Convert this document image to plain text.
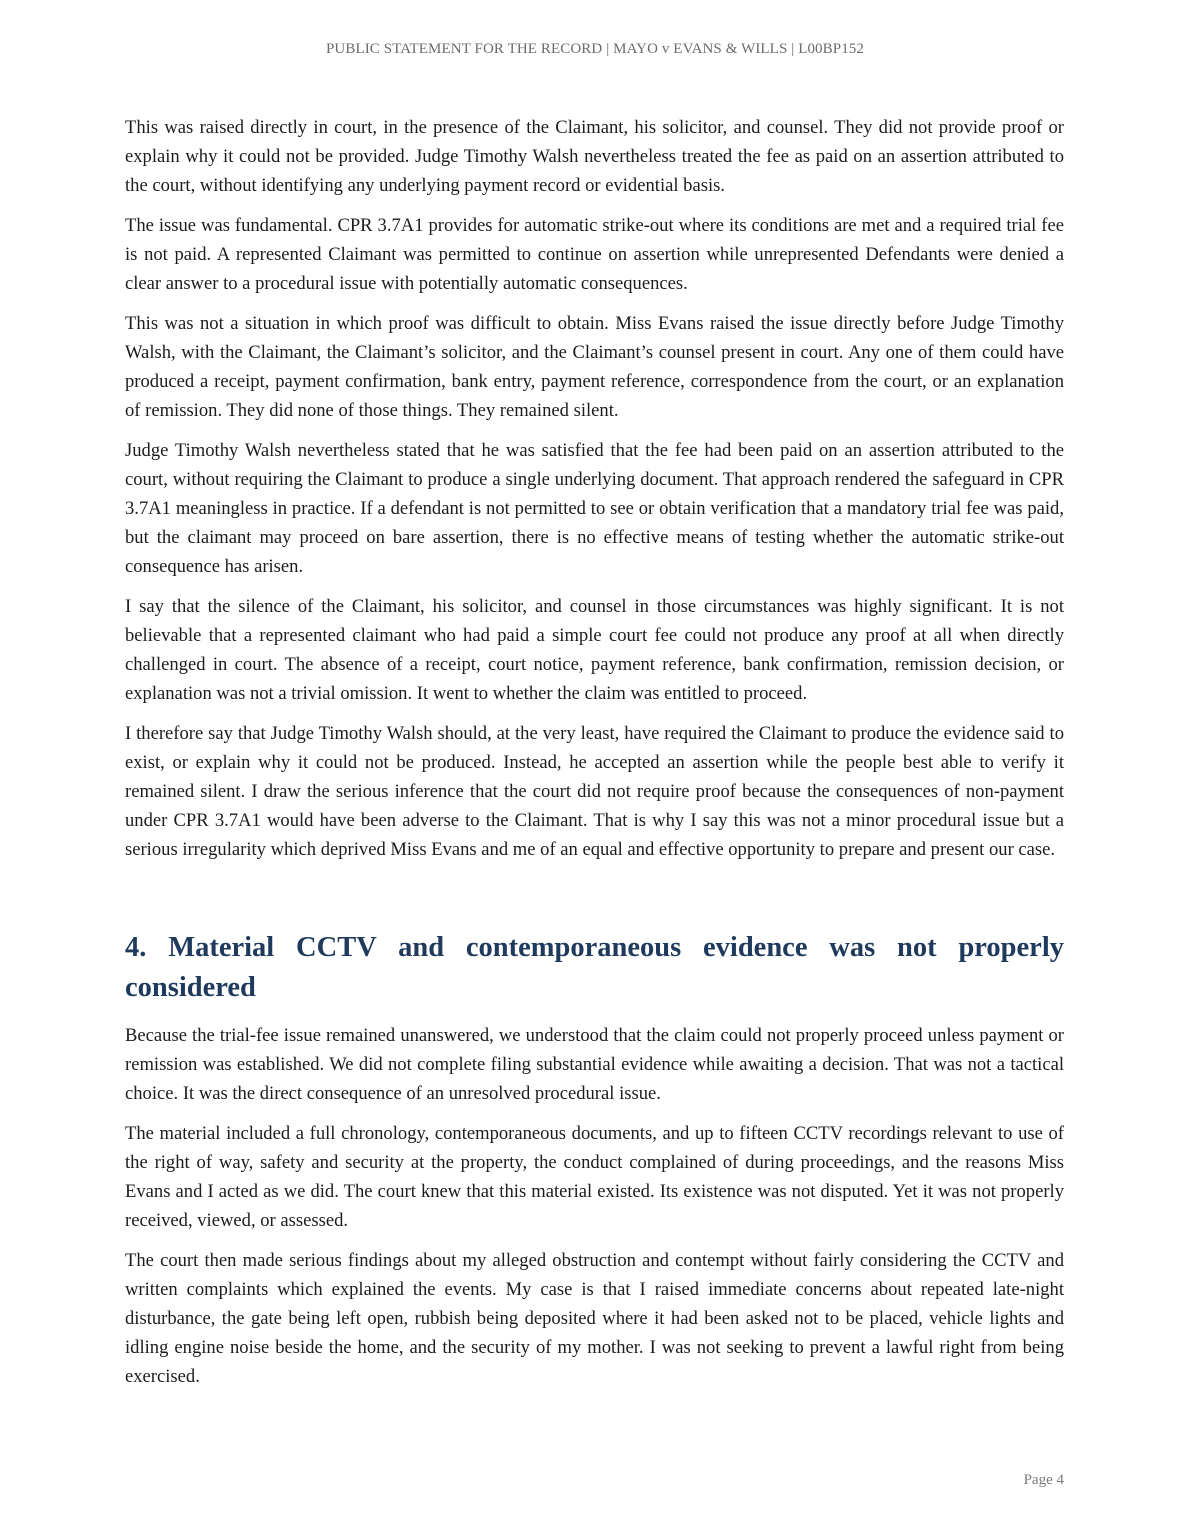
PUBLIC STATEMENT FOR THE RECORD | MAYO v EVANS & WILLS | L00BP152

This was raised directly in court, in the presence of the Claimant, his solicitor, and counsel. They did not provide proof or explain why it could not be provided. Judge Timothy Walsh nevertheless treated the fee as paid on an assertion attributed to the court, without identifying any underlying payment record or evidential basis.

The issue was fundamental. CPR 3.7A1 provides for automatic strike-out where its conditions are met and a required trial fee is not paid. A represented Claimant was permitted to continue on assertion while unrepresented Defendants were denied a clear answer to a procedural issue with potentially automatic consequences.

This was not a situation in which proof was difficult to obtain. Miss Evans raised the issue directly before Judge Timothy Walsh, with the Claimant, the Claimant’s solicitor, and the Claimant’s counsel present in court. Any one of them could have produced a receipt, payment confirmation, bank entry, payment reference, correspondence from the court, or an explanation of remission. They did none of those things. They remained silent.

Judge Timothy Walsh nevertheless stated that he was satisfied that the fee had been paid on an assertion attributed to the court, without requiring the Claimant to produce a single underlying document. That approach rendered the safeguard in CPR 3.7A1 meaningless in practice. If a defendant is not permitted to see or obtain verification that a mandatory trial fee was paid, but the claimant may proceed on bare assertion, there is no effective means of testing whether the automatic strike-out consequence has arisen.

I say that the silence of the Claimant, his solicitor, and counsel in those circumstances was highly significant. It is not believable that a represented claimant who had paid a simple court fee could not produce any proof at all when directly challenged in court. The absence of a receipt, court notice, payment reference, bank confirmation, remission decision, or explanation was not a trivial omission. It went to whether the claim was entitled to proceed.

I therefore say that Judge Timothy Walsh should, at the very least, have required the Claimant to produce the evidence said to exist, or explain why it could not be produced. Instead, he accepted an assertion while the people best able to verify it remained silent. I draw the serious inference that the court did not require proof because the consequences of non-payment under CPR 3.7A1 would have been adverse to the Claimant. That is why I say this was not a minor procedural issue but a serious irregularity which deprived Miss Evans and me of an equal and effective opportunity to prepare and present our case.

4. Material CCTV and contemporaneous evidence was not properly considered

Because the trial-fee issue remained unanswered, we understood that the claim could not properly proceed unless payment or remission was established. We did not complete filing substantial evidence while awaiting a decision. That was not a tactical choice. It was the direct consequence of an unresolved procedural issue.

The material included a full chronology, contemporaneous documents, and up to fifteen CCTV recordings relevant to use of the right of way, safety and security at the property, the conduct complained of during proceedings, and the reasons Miss Evans and I acted as we did. The court knew that this material existed. Its existence was not disputed. Yet it was not properly received, viewed, or assessed.

The court then made serious findings about my alleged obstruction and contempt without fairly considering the CCTV and written complaints which explained the events. My case is that I raised immediate concerns about repeated late-night disturbance, the gate being left open, rubbish being deposited where it had been asked not to be placed, vehicle lights and idling engine noise beside the home, and the security of my mother. I was not seeking to prevent a lawful right from being exercised.

Page 4
